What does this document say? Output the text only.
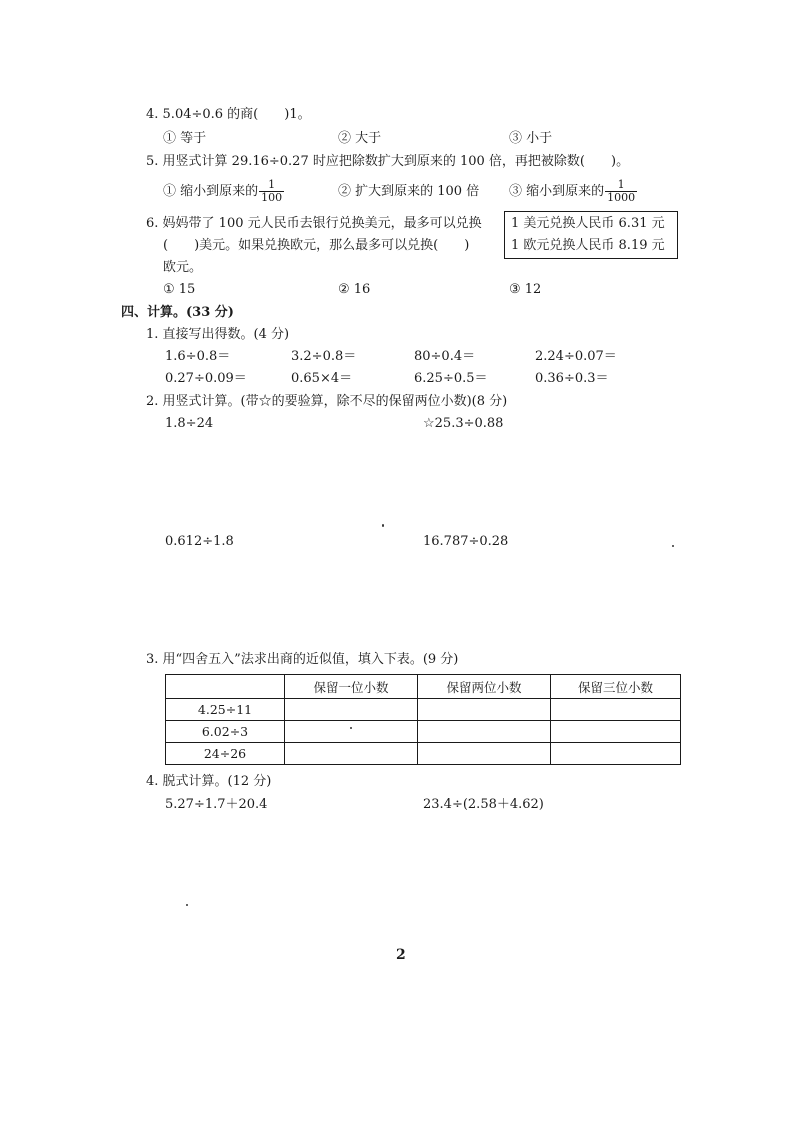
4. 5.04÷0.6 的商(　　)1。
① 等于	② 大于	③ 小于
5. 用竖式计算 29.16÷0.27 时应把除数扩大到原来的 100 倍，再把被除数(　　)。
① 缩小到原来的 $\frac{1}{100}$	② 扩大到原来的 100 倍 ③ 缩小到原来的 $\frac{1}{1000}$
6. 妈妈带了 100 元人民币去银行兑换美元，最多可以兑换
(　　)美元。如果兑换欧元，那么最多可以兑换(　　)
欧元。
1 美元兑换人民币 6.31 元
1 欧元兑换人民币 8.19 元
① 15	② 16	③ 12
四、计算。(33 分)
1. 直接写出得数。(4 分)
1.6÷0.8＝	3.2÷0.8＝	80÷0.4＝	2.24÷0.07＝
0.27÷0.09＝	0.65×4＝	6.25÷0.5＝	0.36÷0.3＝
2. 用竖式计算。(带☆的要验算，除不尽的保留两位小数)(8 分)
1.8÷24	☆25.3÷0.88
0.612÷1.8	16.787÷0.28
3. 用“四舍五入”法求出商的近似值，填入下表。(9 分)
	保留一位小数	保留两位小数	保留三位小数
4.25÷11			
6.02÷3			
24÷26			
4. 脱式计算。(12 分)
5.27÷1.7＋20.4	23.4÷(2.58＋4.62)
2
